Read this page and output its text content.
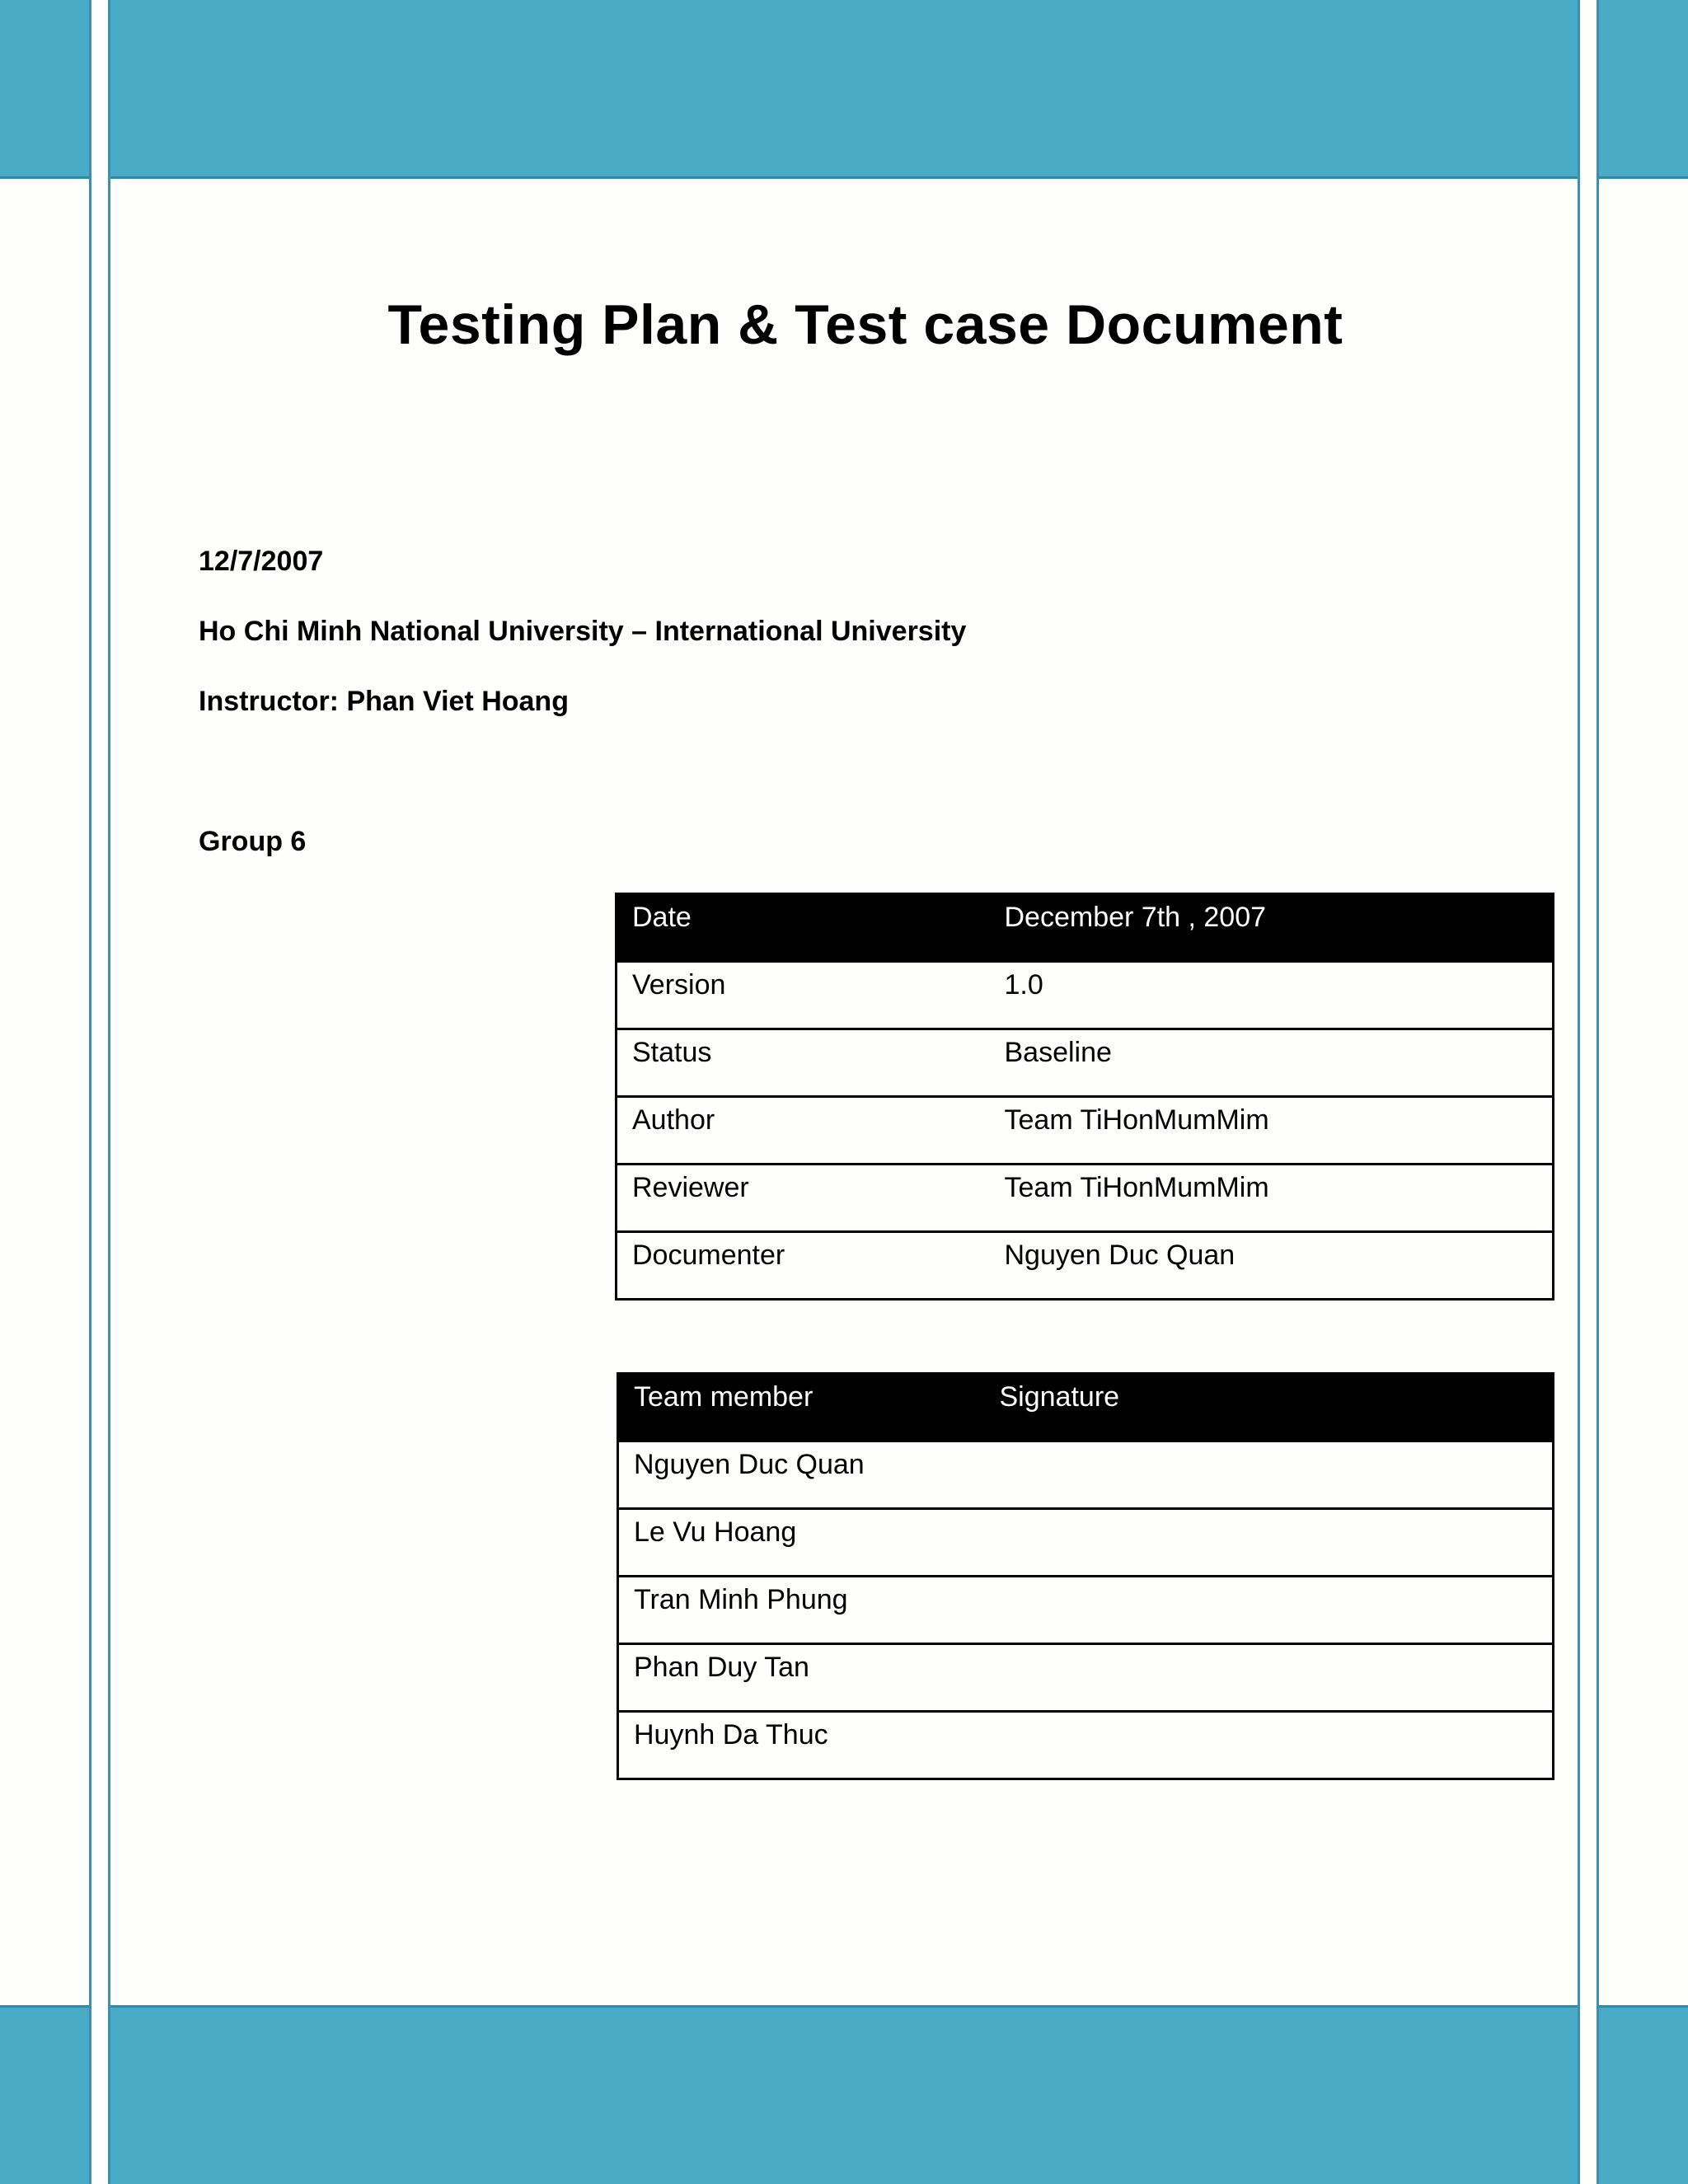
Testing Plan & Test case Document
12/7/2007
Ho Chi Minh National University – International University
Instructor: Phan Viet Hoang
Group 6
Date	December 7th , 2007
Version	1.0
Status	Baseline
Author	Team TiHonMumMim
Reviewer	Team TiHonMumMim
Documenter	Nguyen Duc Quan
Team member	Signature
Nguyen Duc Quan	
Le Vu Hoang	
Tran Minh Phung	
Phan Duy Tan	
Huynh Da Thuc	
